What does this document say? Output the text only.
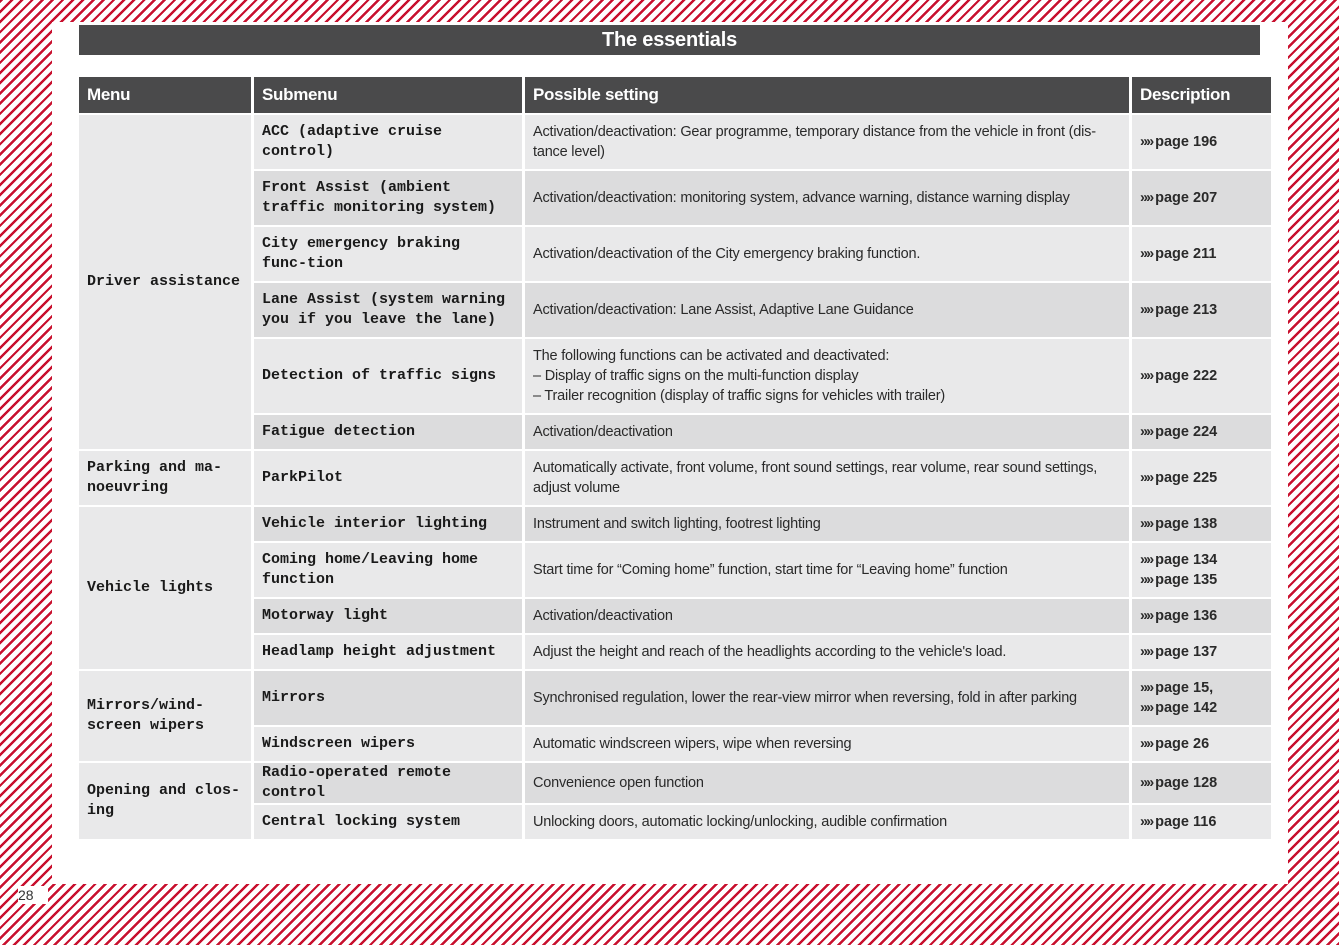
The essentials
Menu	Submenu	Possible setting	Description
Driver assistance	ACC (adaptive cruise control)	Activation/deactivation: Gear programme, temporary distance from the vehicle in front (dis-tance level)	»» page 196

	Front Assist (ambient traffic monitoring system)	Activation/deactivation: monitoring system, advance warning, distance warning display	»» page 207

	City emergency braking func-tion	Activation/deactivation of the City emergency braking function.	»» page 211

	Lane Assist (system warning you if you leave the lane)	Activation/deactivation: Lane Assist, Adaptive Lane Guidance	»» page 213

	Detection of traffic signs	The following functions can be activated and deactivated:
– Display of traffic signs on the multi-function display
– Trailer recognition (display of traffic signs for vehicles with trailer)	»» page 222

	Fatigue detection	Activation/deactivation	»» page 224

Parking and ma-noeuvring	ParkPilot	Automatically activate, front volume, front sound settings, rear volume, rear sound settings, adjust volume	»» page 225

Vehicle lights	Vehicle interior lighting	Instrument and switch lighting, footrest lighting	»» page 138

	Coming home/Leaving home function	Start time for “Coming home” function, start time for “Leaving home” function	»» page 134
»» page 135

	Motorway light	Activation/deactivation	»» page 136

	Headlamp height adjustment	Adjust the height and reach of the headlights according to the vehicle's load.	»» page 137

Mirrors/wind-screen wipers	Mirrors	Synchronised regulation, lower the rear-view mirror when reversing, fold in after parking	»» page 15,
»» page 142

	Windscreen wipers	Automatic windscreen wipers, wipe when reversing	»» page 26

Opening and clos-ing	Radio-operated remote control	Convenience open function	»» page 128

	Central locking system	Unlocking doors, automatic locking/unlocking, audible confirmation	»» page 116
28
